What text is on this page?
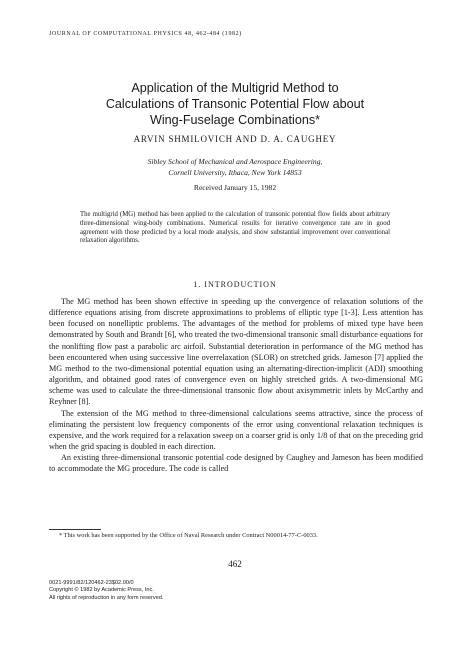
JOURNAL OF COMPUTATIONAL PHYSICS 48, 462-484 (1982)
Application of the Multigrid Method to
Calculations of Transonic Potential Flow about
Wing-Fuselage Combinations*
ARVIN SHMILOVICH AND D. A. CAUGHEY
Sibley School of Mechanical and Aerospace Engineering,
Cornell University, Ithaca, New York 14853
Received January 15, 1982
The multigrid (MG) method has been applied to the calculation of transonic potential flow fields about arbitrary three-dimensional wing-body combinations. Numerical results for iterative convergence rate are in good agreement with those predicted by a local mode analysis, and show substantial improvement over conventional relaxation algorithms.
1. INTRODUCTION

The MG method has been shown effective in speeding up the convergence of relaxation solutions of the difference equations arising from discrete approximations to problems of elliptic type [1-3]. Less attention has been focused on nonelliptic problems. The advantages of the method for problems of mixed type have been demonstrated by South and Brandt [6], who treated the two-dimensional transonic small disturbance equations for the nonlifting flow past a parabolic arc airfoil. Substantial deterioration in performance of the MG method has been encountered when using successive line overrelaxation (SLOR) on stretched grids. Jameson [7] applied the MG method to the two-dimensional potential equation using an alternating-direction-implicit (ADI) smoothing algorithm, and obtained good rates of convergence even on highly stretched grids. A two-dimensional MG scheme was used to calculate the three-dimensional transonic flow about axisymmetric inlets by McCarthy and Reyhner [8].

The extension of the MG method to three-dimensional calculations seems attractive, since the process of eliminating the persistent low frequency components of the error using conventional relaxation techniques is expensive, and the work required for a relaxation sweep on a coarser grid is only 1/8 of that on the preceding grid when the grid spacing is doubled in each direction.

An existing three-dimensional transonic potential code designed by Caughey and Jameson has been modified to accommodate the MG procedure. The code is called

* This work has been supported by the Office of Naval Research under Contract N00014-77-C-0033.
462
0021-9991/82/120462-23$02.00/0
Copyright © 1982 by Academic Press, Inc.
All rights of reproduction in any form reserved.
